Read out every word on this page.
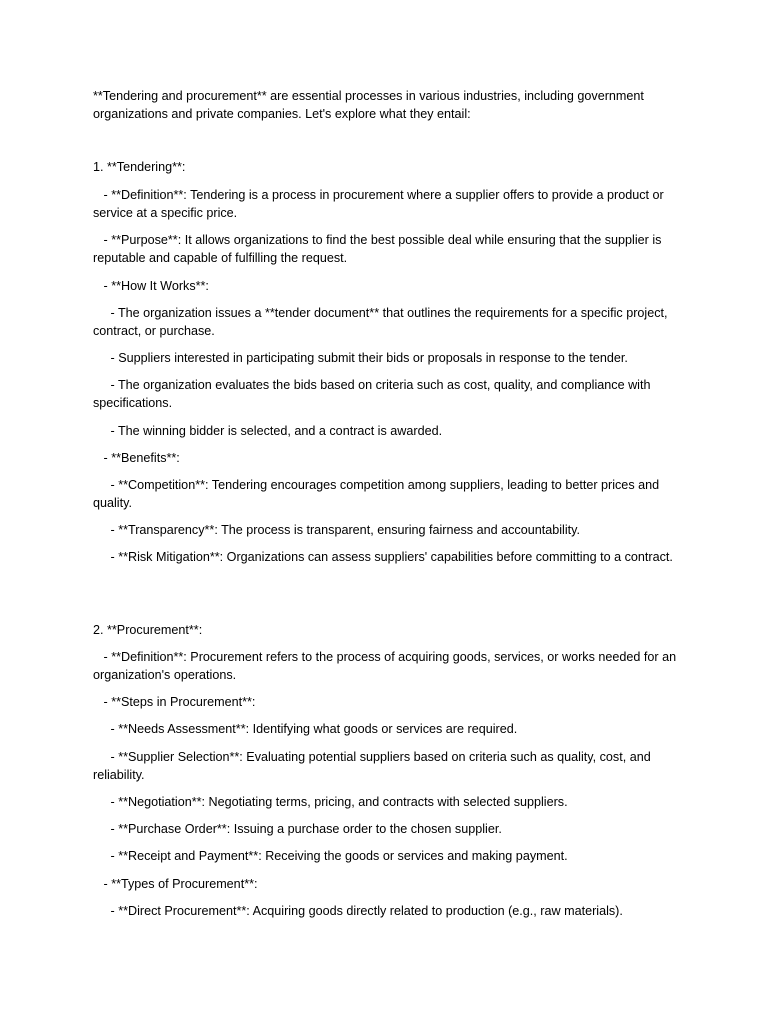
**Tendering and procurement** are essential processes in various industries, including government organizations and private companies. Let's explore what they entail:

1. **Tendering**:

- **Definition**: Tendering is a process in procurement where a supplier offers to provide a product or service at a specific price.

- **Purpose**: It allows organizations to find the best possible deal while ensuring that the supplier is reputable and capable of fulfilling the request.

- **How It Works**:

- The organization issues a **tender document** that outlines the requirements for a specific project, contract, or purchase.

- Suppliers interested in participating submit their bids or proposals in response to the tender.

- The organization evaluates the bids based on criteria such as cost, quality, and compliance with specifications.

- The winning bidder is selected, and a contract is awarded.

- **Benefits**:

- **Competition**: Tendering encourages competition among suppliers, leading to better prices and quality.

- **Transparency**: The process is transparent, ensuring fairness and accountability.

- **Risk Mitigation**: Organizations can assess suppliers' capabilities before committing to a contract.

2. **Procurement**:

- **Definition**: Procurement refers to the process of acquiring goods, services, or works needed for an organization's operations.

- **Steps in Procurement**:

- **Needs Assessment**: Identifying what goods or services are required.

- **Supplier Selection**: Evaluating potential suppliers based on criteria such as quality, cost, and reliability.

- **Negotiation**: Negotiating terms, pricing, and contracts with selected suppliers.

- **Purchase Order**: Issuing a purchase order to the chosen supplier.

- **Receipt and Payment**: Receiving the goods or services and making payment.

- **Types of Procurement**:

- **Direct Procurement**: Acquiring goods directly related to production (e.g., raw materials).
